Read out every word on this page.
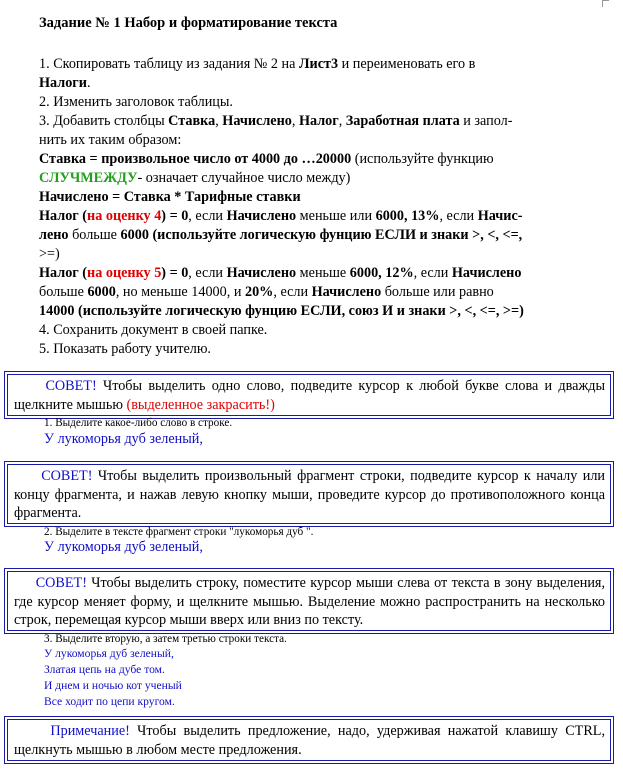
Задание № 1 Набор и форматирование текста
1. Скопировать таблицу из задания № 2 на Лист3 и переименовать его в
Налоги.
2. Изменить заголовок таблицы.
3. Добавить столбцы Ставка, Начислено, Налог, Заработная плата и запол-
нить их таким образом:
Ставка = произвольное число от 4000 до …20000 (используйте функцию
СЛУЧМЕЖДУ- означает случайное число между)
Начислено = Ставка * Тарифные ставки
Налог (на оценку 4) = 0, если Начислено меньше или 6000, 13%, если Начис-
лено больше 6000 (используйте логическую фунцию ЕСЛИ и знаки >, <, <=,
>=)
Налог (на оценку 5) = 0, если Начислено меньше 6000, 12%, если Начислено
больше 6000, но меньше 14000, и 20%, если Начислено больше или равно
14000 (используйте логическую фунцию ЕСЛИ, союз И и знаки >, <, <=, >=)
4. Сохранить документ в своей папке.
5. Показать работу учителю.
СОВЕТ! Чтобы выделить одно слово, подведите курсор к любой букве слова и дважды щелкните мышью (выделенное закрасить!)
1. Выделите какое-либо слово в строке.
У лукоморья дуб зеленый,
СОВЕТ! Чтобы выделить произвольный фрагмент строки, подведите курсор к началу или концу фрагмента, и нажав левую кнопку мыши, проведите курсор до противоположного конца фрагмента.
2. Выделите в тексте фрагмент строки "лукоморья дуб ".
У лукоморья дуб зеленый,
СОВЕТ! Чтобы выделить строку, поместите курсор мыши слева от текста в зону выделения, где курсор меняет форму, и щелкните мышью. Выделение можно распространить на несколько строк, перемещая курсор мыши вверх или вниз по тексту.
3. Выделите вторую, а затем третью строки текста.
У лукоморья дуб зеленый,
Златая цепь на дубе том.
И днем и ночью кот ученый
Все ходит по цепи кругом.
Примечание! Чтобы выделить предложение, надо, удерживая нажатой клавишу CTRL, щелкнуть мышью в любом месте предложения.
